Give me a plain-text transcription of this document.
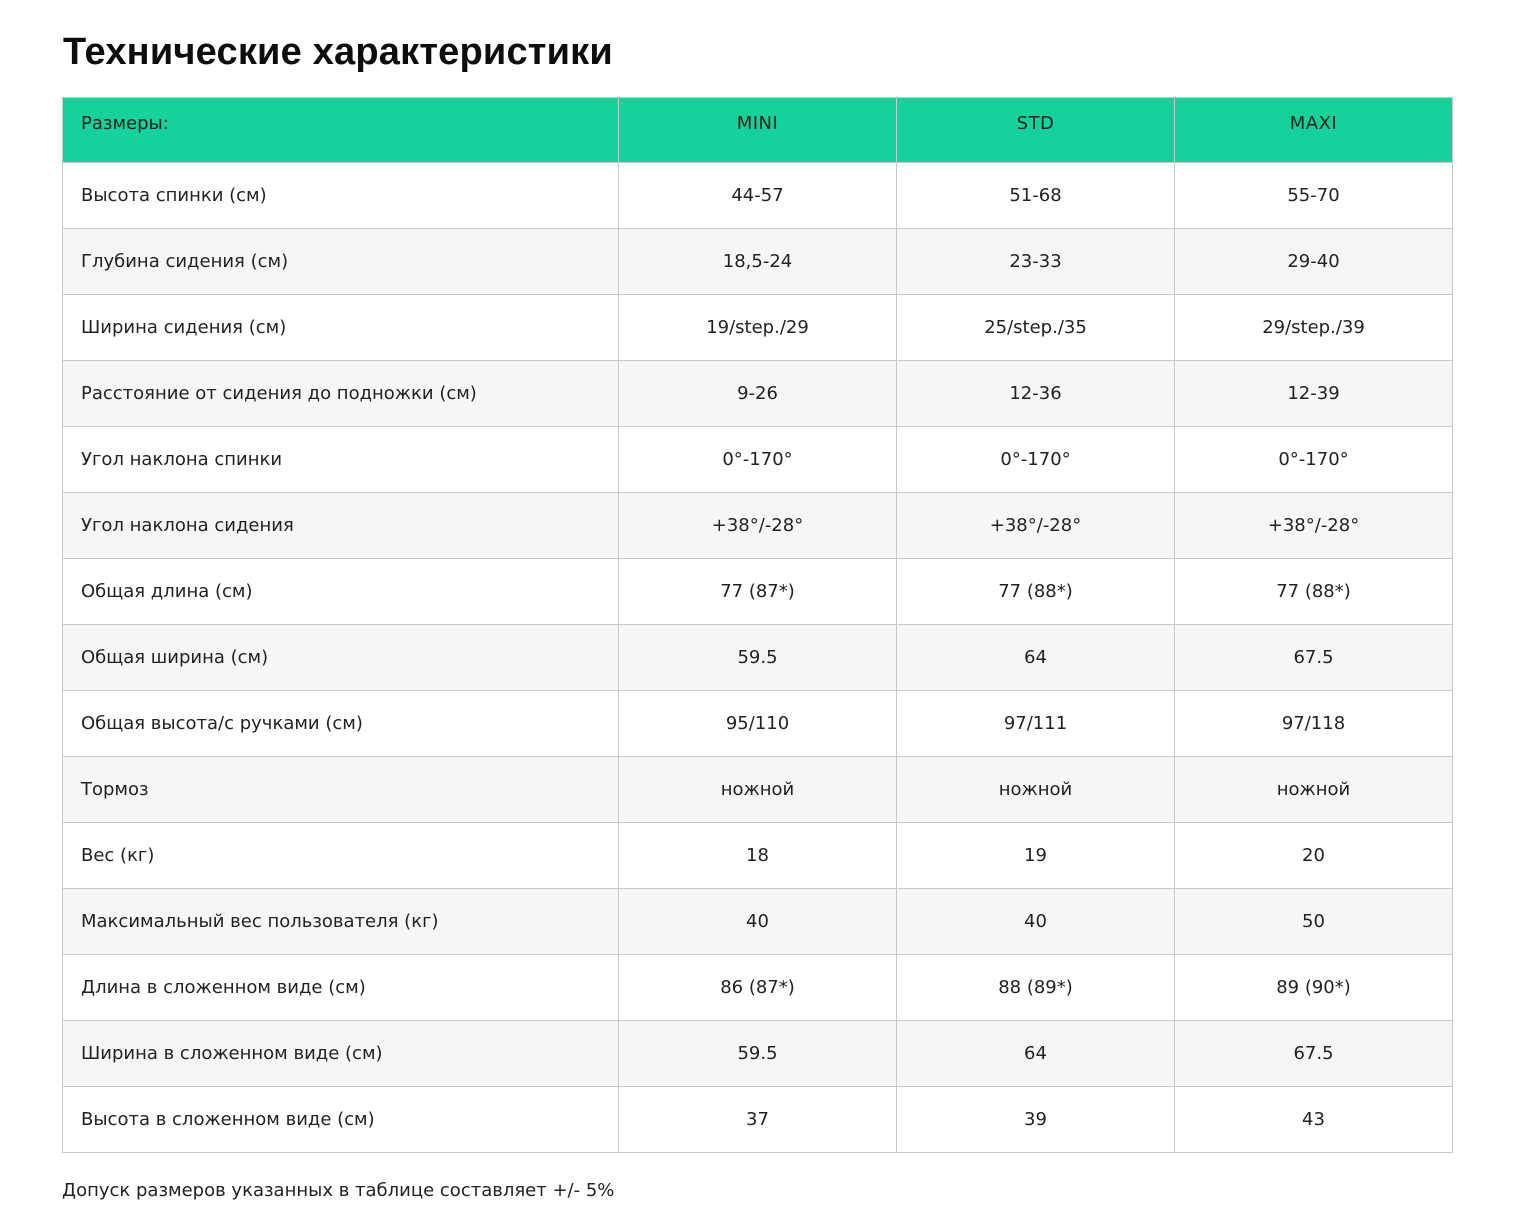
Технические характеристики
Размеры:	MINI	STD	MAXI
Высота спинки (см)	44-57	51-68	55-70
Глубина сидения (см)	18,5-24	23-33	29-40
Ширина сидения (см)	19/step./29	25/step./35	29/step./39
Расстояние от сидения до подножки (см)	9-26	12-36	12-39
Угол наклона спинки	0°-170°	0°-170°	0°-170°
Угол наклона сидения	+38°/-28°	+38°/-28°	+38°/-28°
Общая длина (см)	77 (87*)	77 (88*)	77 (88*)
Общая ширина (см)	59.5	64	67.5
Общая высота/с ручками (см)	95/110	97/111	97/118
Тормоз	ножной	ножной	ножной
Вес (кг)	18	19	20
Максимальный вес пользователя (кг)	40	40	50
Длина в сложенном виде (см)	86 (87*)	88 (89*)	89 (90*)
Ширина в сложенном виде (см)	59.5	64	67.5
Высота в сложенном виде (см)	37	39	43

Допуск размеров указанных в таблице составляет +/- 5%
